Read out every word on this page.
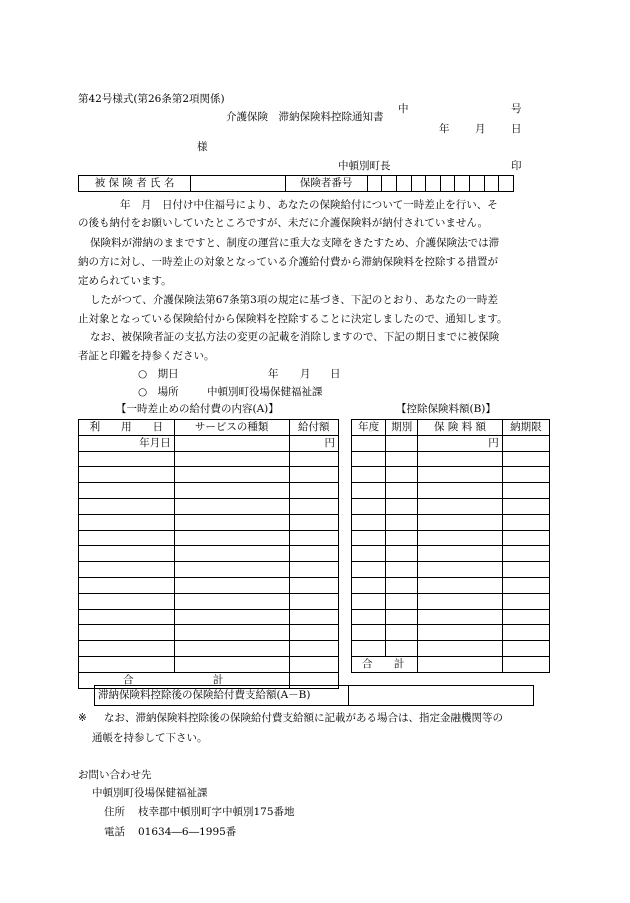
第42号様式(第26条第2項関係)
介護保険　滞納保険料控除通知書
中	号
年 月 日
様
中頓別町長	印
被 保 険 者 氏 名		保険者番号										
年　月　日付け中住福号により、あなたの保険給付について一時差止を行い、そ
の後も納付をお願いしていたところですが、未だに介護保険料が納付されていません。
保険料が滞納のままですと、制度の運営に重大な支障をきたすため、介護保険法では滞
納の方に対し、一時差止の対象となっている介護給付費から滞納保険料を控除する措置が
定められています。
したがつて、介護保険法第67条第3項の規定に基づき、下記のとおり、あなたの一時差
止対象となっている保険給付から保険料を控除することに決定しましたので、通知します。
なお、被保険者証の支払方法の変更の記載を消除しますので、下記の期日までに被保険
者証と印鑑を持参ください。
○　期日	年 月 日
○　場所	中頓別町役場保健福祉課
【一時差止めの給付費の内容(A)】	【控除保険料額(B)】
利　　用　　日	サービスの種類	給付額
年月日		円

合 計		
年度	期別	保 険 料 額	納期限
		円	

合 計			
滞納保険料控除後の保険給付費支給額(A－B)	
※ なお、滞納保険料控除後の保険給付費支給額に記載がある場合は、指定金融機関等の
通帳を持参して下さい。
お問い合わせ先
中頓別町役場保健福祉課
住所 枝幸郡中頓別町字中頓別175番地
電話 01634―6―1995番
